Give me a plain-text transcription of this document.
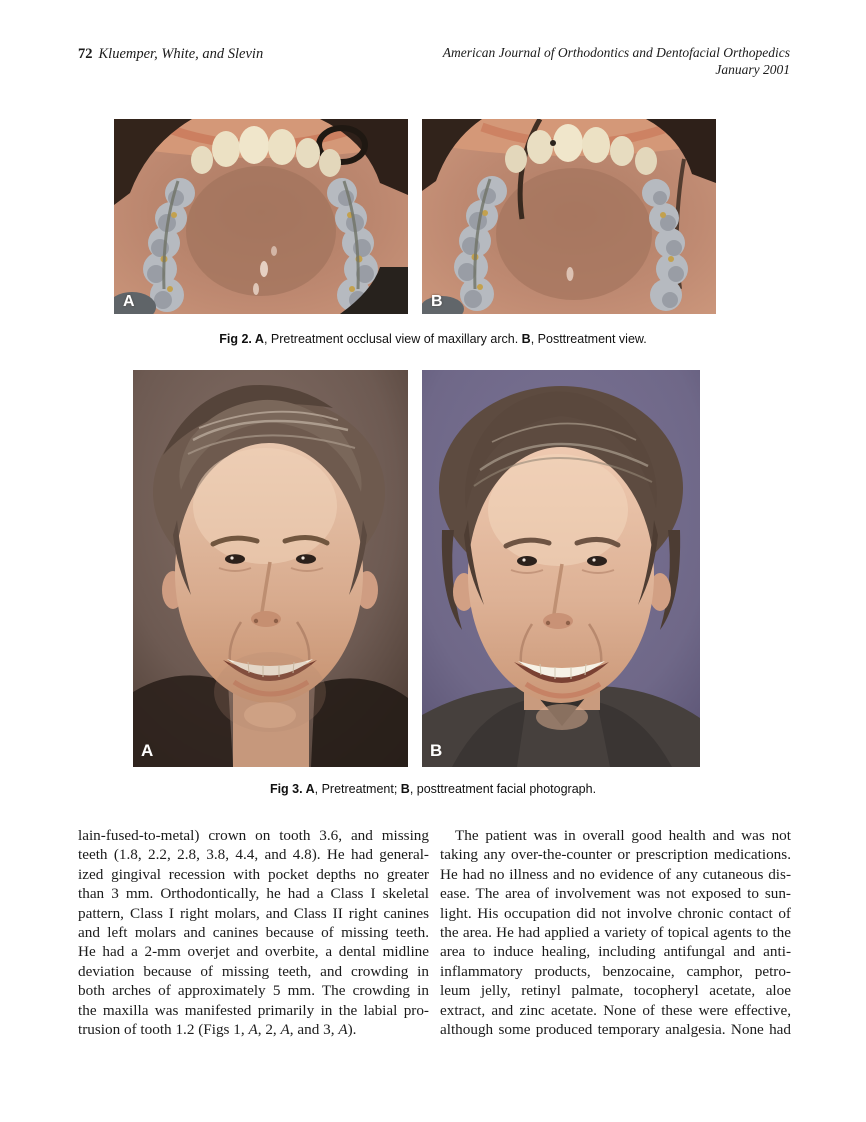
72 Kluemper, White, and Slevin	American Journal of Orthodontics and Dentofacial Orthopedics
January 2001
A	B
Fig 2. A, Pretreatment occlusal view of maxillary arch. B, Posttreatment view.
A	B
Fig 3. A, Pretreatment; B, posttreatment facial photograph.
lain-fused-to-metal) crown on tooth 3.6, and missing
teeth (1.8, 2.2, 2.8, 3.8, 4.4, and 4.8). He had general-
ized gingival recession with pocket depths no greater
than 3 mm. Orthodontically, he had a Class I skeletal
pattern, Class I right molars, and Class II right canines
and left molars and canines because of missing teeth.
He had a 2-mm overjet and overbite, a dental midline
deviation because of missing teeth, and crowding in
both arches of approximately 5 mm. The crowding in
the maxilla was manifested primarily in the labial pro-
trusion of tooth 1.2 (Figs 1, A, 2, A, and 3, A).
The patient was in overall good health and was not
taking any over-the-counter or prescription medications.
He had no illness and no evidence of any cutaneous dis-
ease. The area of involvement was not exposed to sun-
light. His occupation did not involve chronic contact of
the area. He had applied a variety of topical agents to the
area to induce healing, including antifungal and anti-
inflammatory products, benzocaine, camphor, petro-
leum jelly, retinyl palmate, tocopheryl acetate, aloe
extract, and zinc acetate. None of these were effective,
although some produced temporary analgesia. None had
